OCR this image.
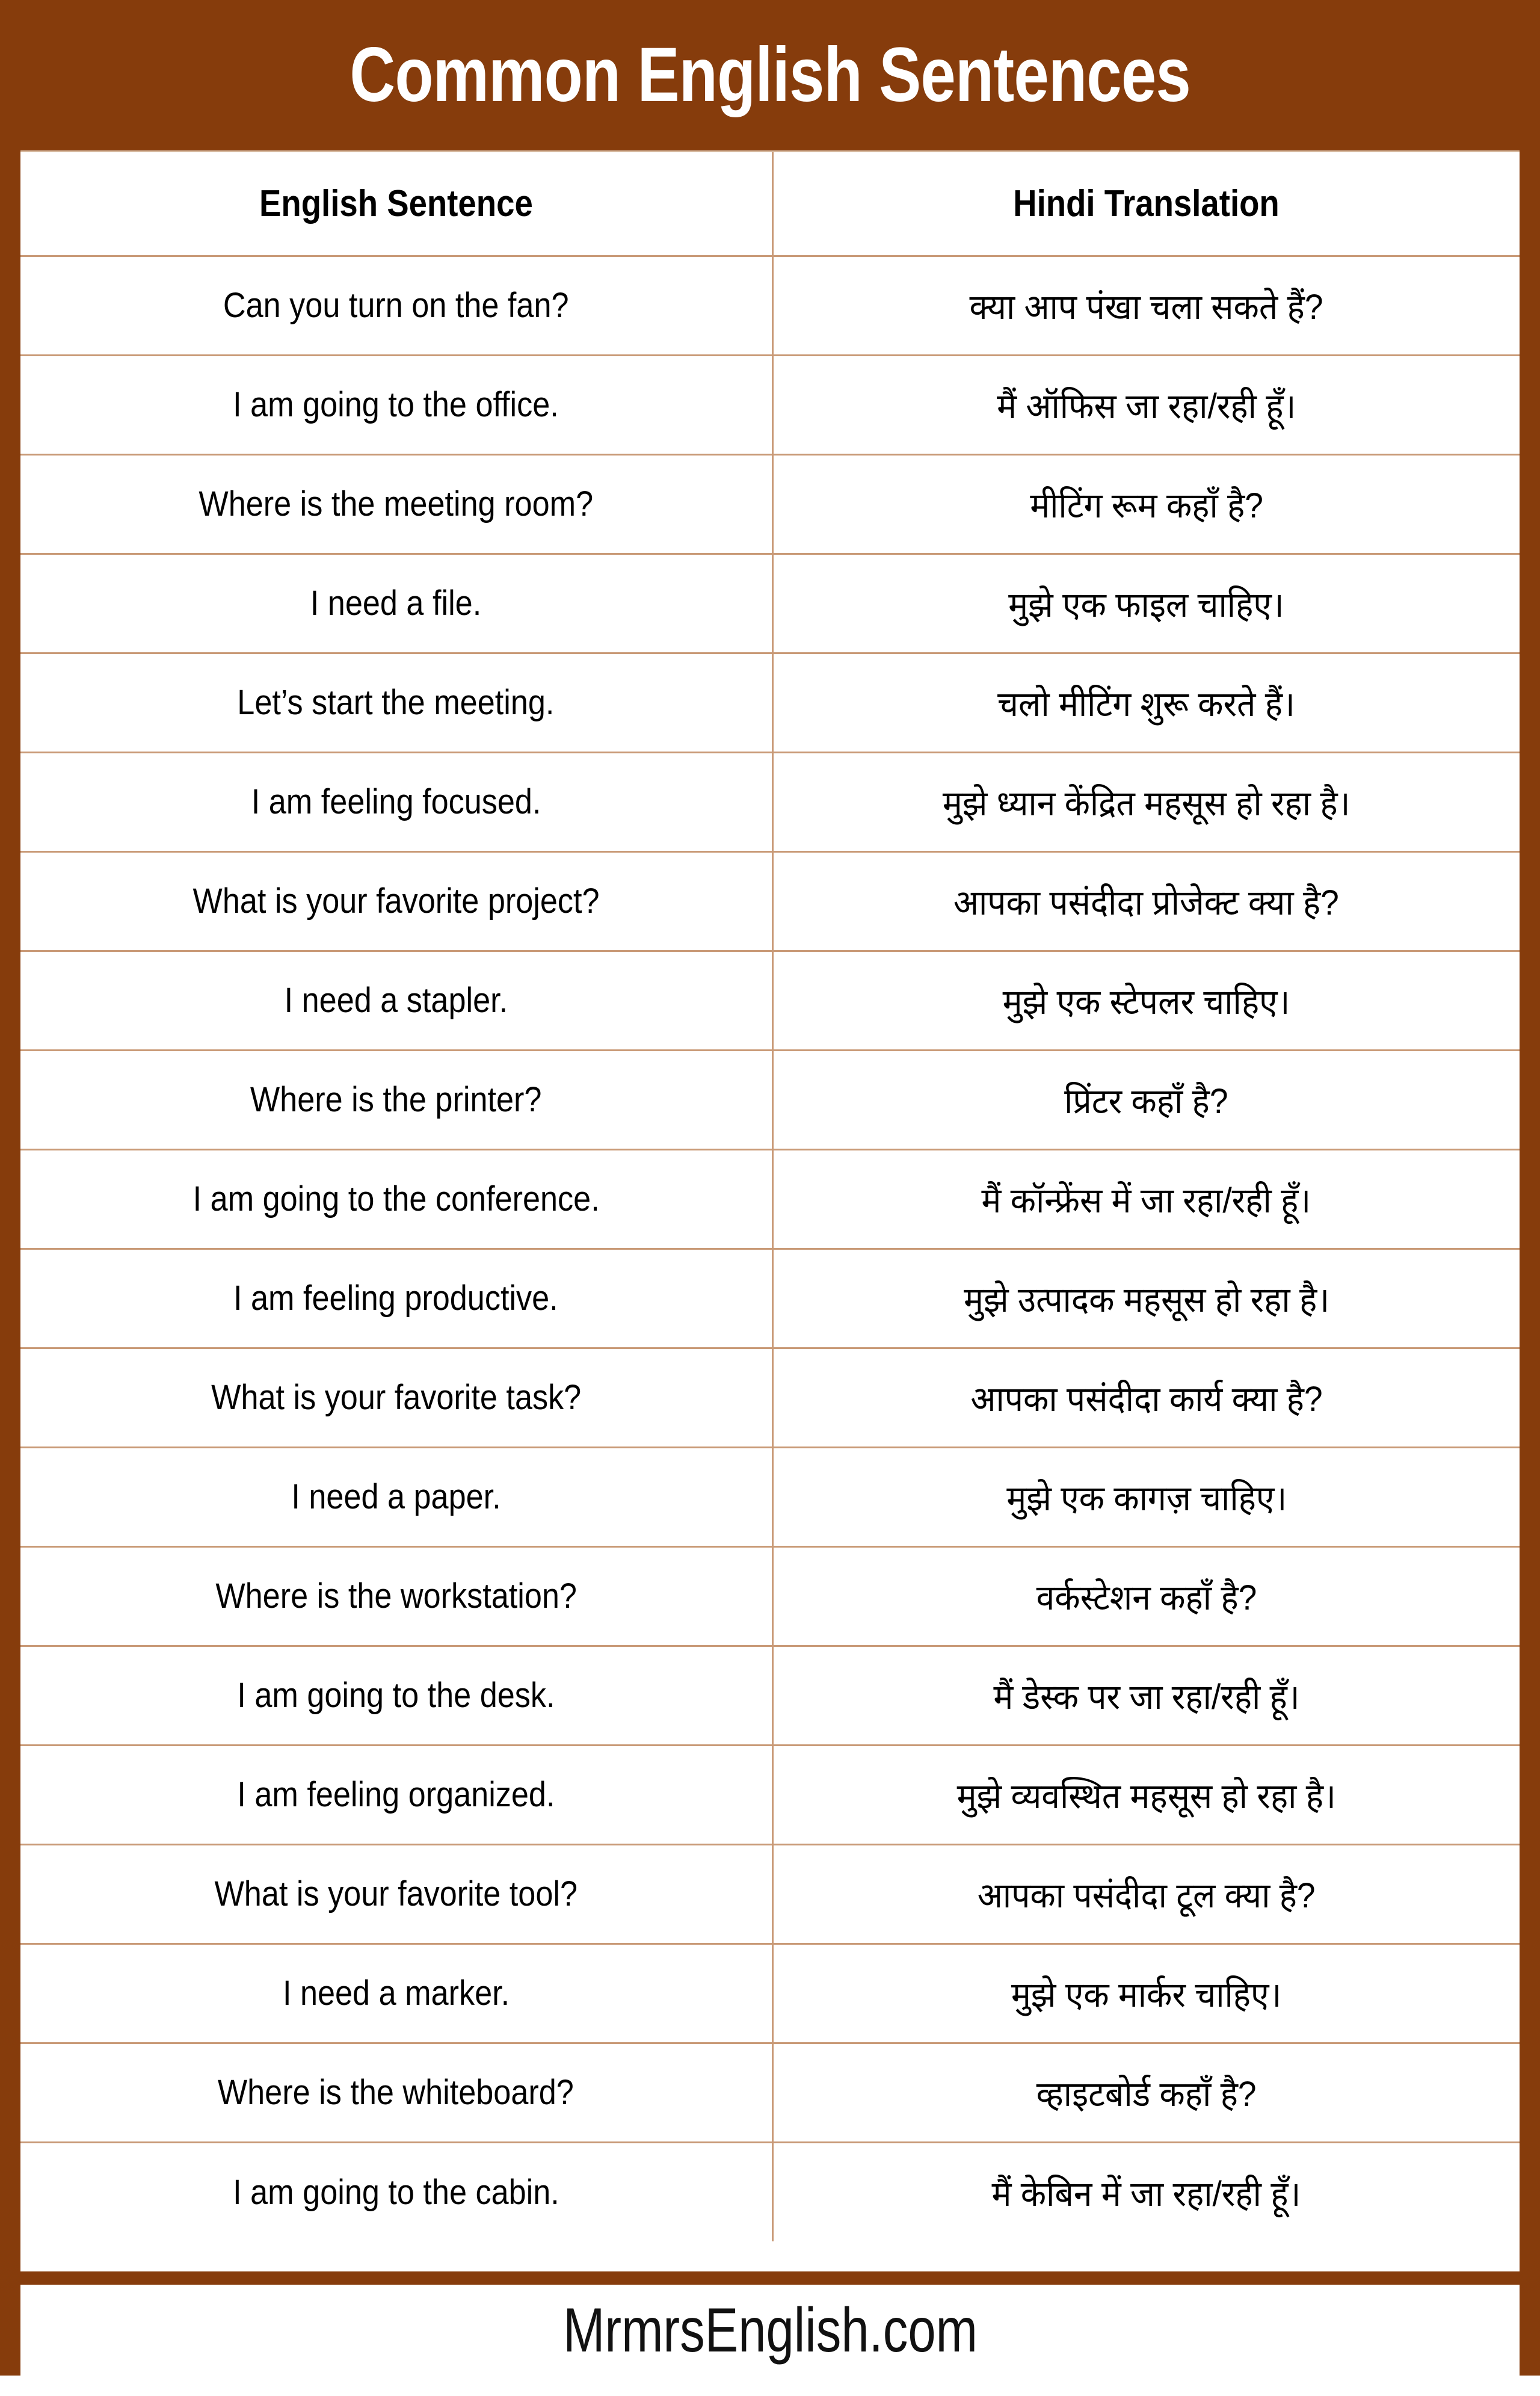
Common English Sentences
English Sentence	Hindi Translation
Can you turn on the fan?	क्या आप पंखा चला सकते हैं?
I am going to the office.	मैं ऑफिस जा रहा/रही हूँ।
Where is the meeting room?	मीटिंग रूम कहाँ है?
I need a file.	मुझे एक फाइल चाहिए।
Let’s start the meeting.	चलो मीटिंग शुरू करते हैं।
I am feeling focused.	मुझे ध्यान केंद्रित महसूस हो रहा है।
What is your favorite project?	आपका पसंदीदा प्रोजेक्ट क्या है?
I need a stapler.	मुझे एक स्टेपलर चाहिए।
Where is the printer?	प्रिंटर कहाँ है?
I am going to the conference.	मैं कॉन्फ्रेंस में जा रहा/रही हूँ।
I am feeling productive.	मुझे उत्पादक महसूस हो रहा है।
What is your favorite task?	आपका पसंदीदा कार्य क्या है?
I need a paper.	मुझे एक कागज़ चाहिए।
Where is the workstation?	वर्कस्टेशन कहाँ है?
I am going to the desk.	मैं डेस्क पर जा रहा/रही हूँ।
I am feeling organized.	मुझे व्यवस्थित महसूस हो रहा है।
What is your favorite tool?	आपका पसंदीदा टूल क्या है?
I need a marker.	मुझे एक मार्कर चाहिए।
Where is the whiteboard?	व्हाइटबोर्ड कहाँ है?
I am going to the cabin.	मैं केबिन में जा रहा/रही हूँ।
MrmrsEnglish.com
